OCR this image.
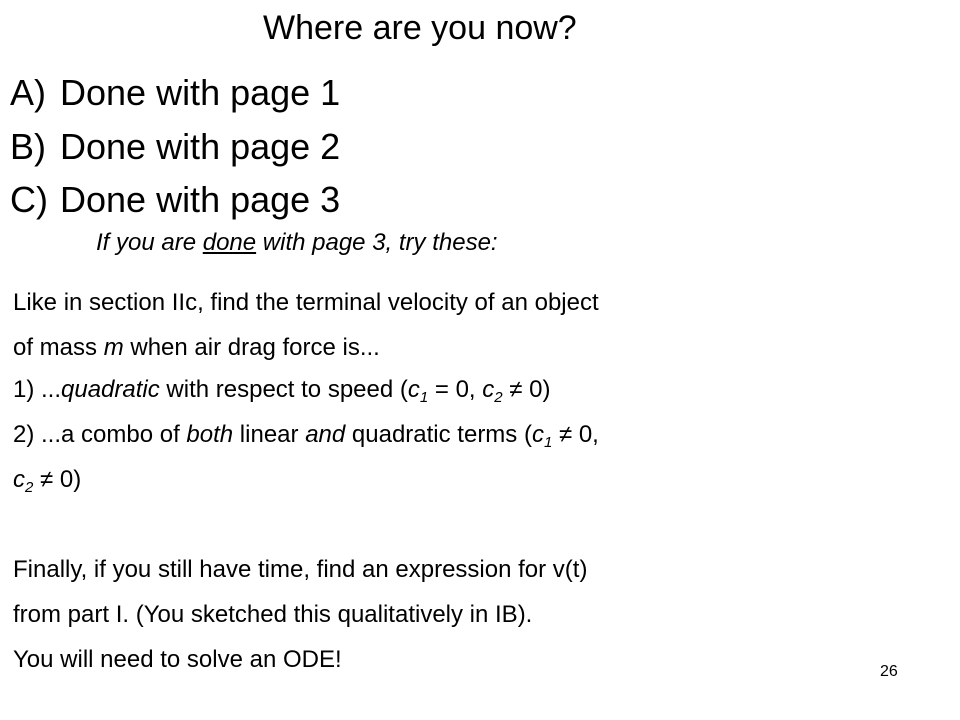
Where are you now?
A) Done with page 1
B) Done with page 2
C) Done with page 3
If you are done with page 3, try these:
Like in section IIc, find the terminal velocity of an object
of mass m when air drag force is...
1) ...quadratic with respect to speed ($c_1 = 0$, $c_2 \ne 0$)
2) ...a combo of both linear and quadratic terms ($c_1 \ne 0$,
$c_2 \ne 0$)
Finally, if you still have time, find an expression for v(t)
from part I. (You sketched this qualitatively in IB).
You will need to solve an ODE!	26
